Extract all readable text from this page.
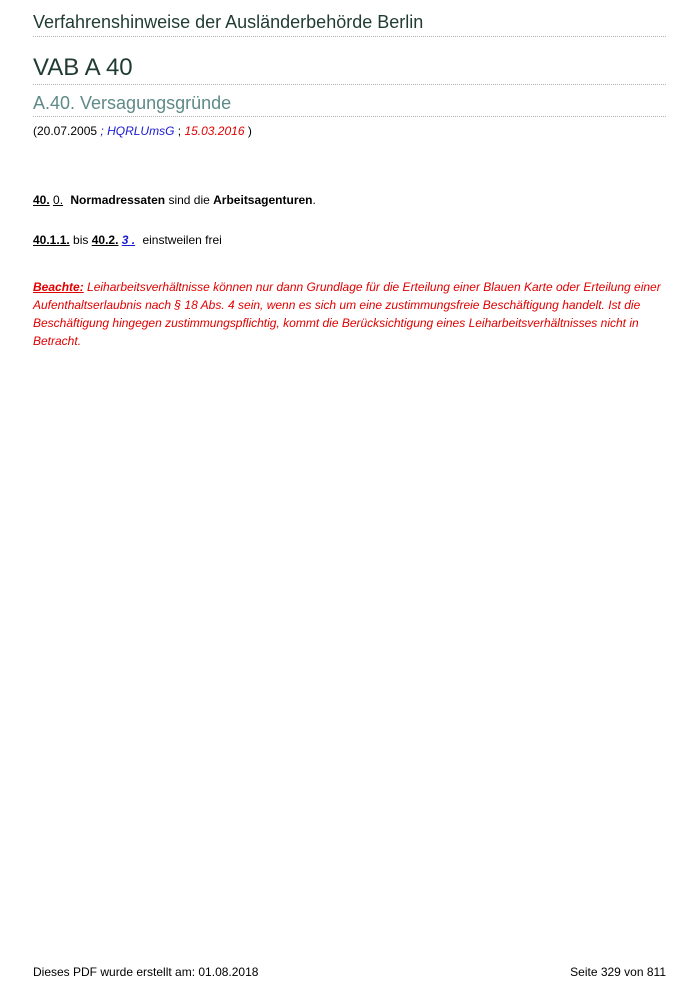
Verfahrenshinweise der Ausländerbehörde Berlin
VAB A 40
A.40. Versagungsgründe
(20.07.2005 ; HQRLUmsG ; 15.03.2016 )
40. 0. Normadressaten sind die Arbeitsagenturen.
40.1.1. bis 40.2. 3 . einstweilen frei
Beachte: Leiharbeitsverhältnisse können nur dann Grundlage für die Erteilung einer Blauen Karte oder Erteilung einer Aufenthaltserlaubnis nach § 18 Abs. 4 sein, wenn es sich um eine zustimmungsfreie Beschäftigung handelt. Ist die Beschäftigung hingegen zustimmungspflichtig, kommt die Berücksichtigung eines Leiharbeitsverhältnisses nicht in Betracht.
Dieses PDF wurde erstellt am: 01.08.2018	Seite 329 von 811
